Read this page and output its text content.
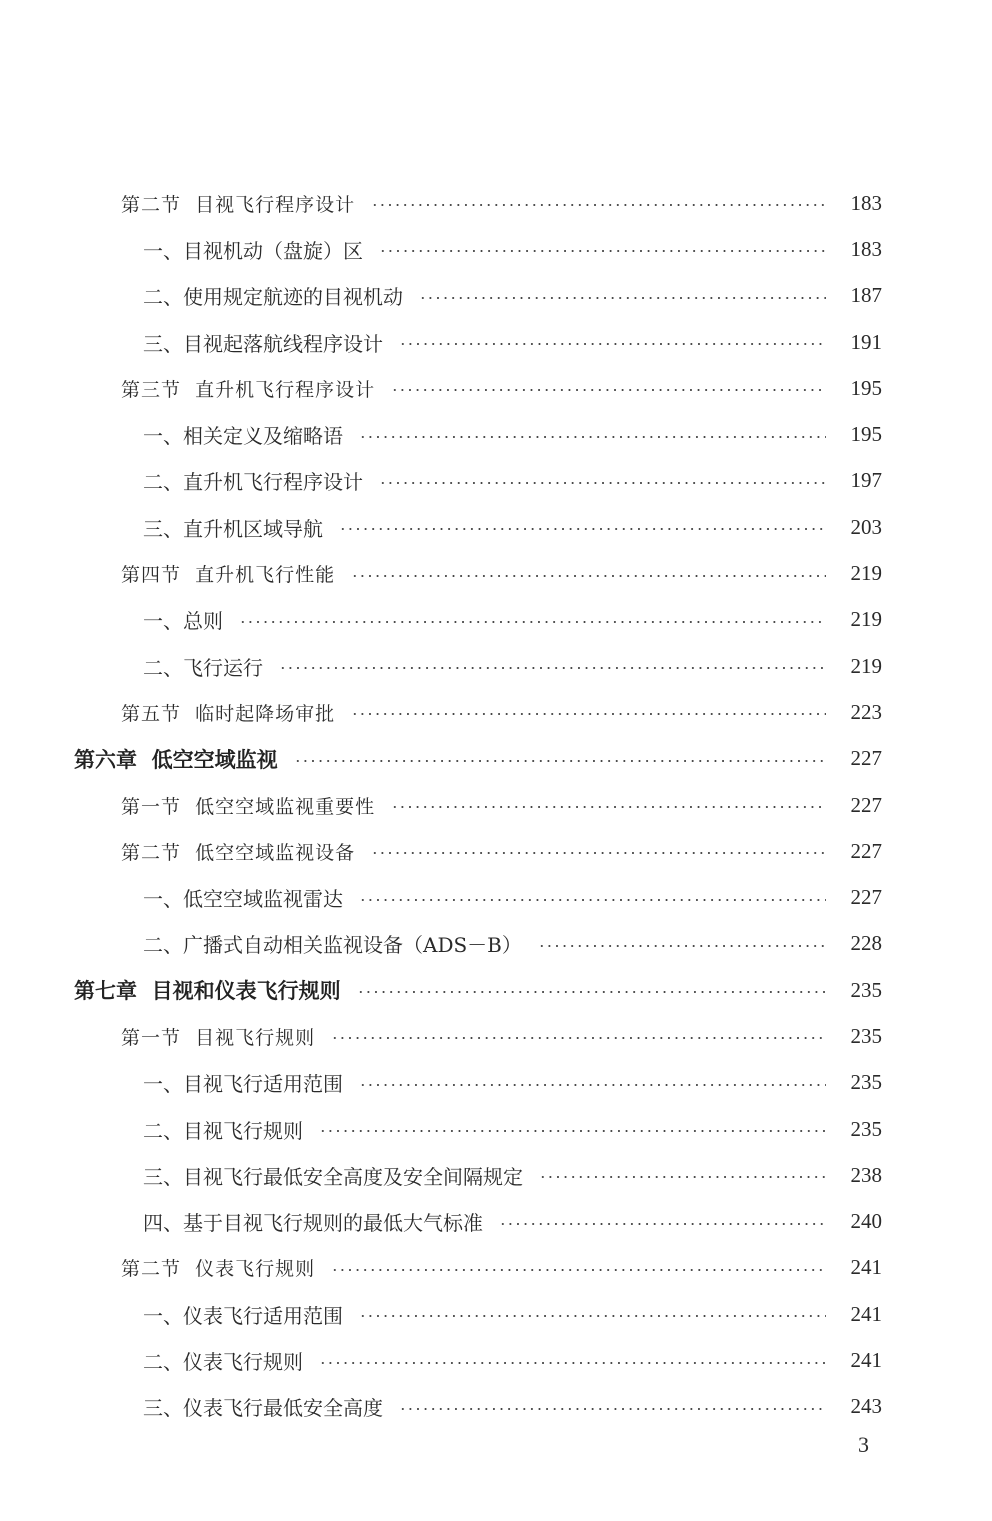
第二节  目视飞行程序设计	183
一、目视机动（盘旋）区	183
二、使用规定航迹的目视机动	187
三、目视起落航线程序设计	191
第三节  直升机飞行程序设计	195
一、相关定义及缩略语	195
二、直升机飞行程序设计	197
三、直升机区域导航	203
第四节  直升机飞行性能	219
一、总则	219
二、飞行运行	219
第五节  临时起降场审批	223
第六章  低空空域监视	227
第一节  低空空域监视重要性	227
第二节  低空空域监视设备	227
一、低空空域监视雷达	227
二、广播式自动相关监视设备（ADS－B）	228
第七章  目视和仪表飞行规则	235
第一节  目视飞行规则	235
一、目视飞行适用范围	235
二、目视飞行规则	235
三、目视飞行最低安全高度及安全间隔规定	238
四、基于目视飞行规则的最低大气标准	240
第二节  仪表飞行规则	241
一、仪表飞行适用范围	241
二、仪表飞行规则	241
三、仪表飞行最低安全高度	243
3
